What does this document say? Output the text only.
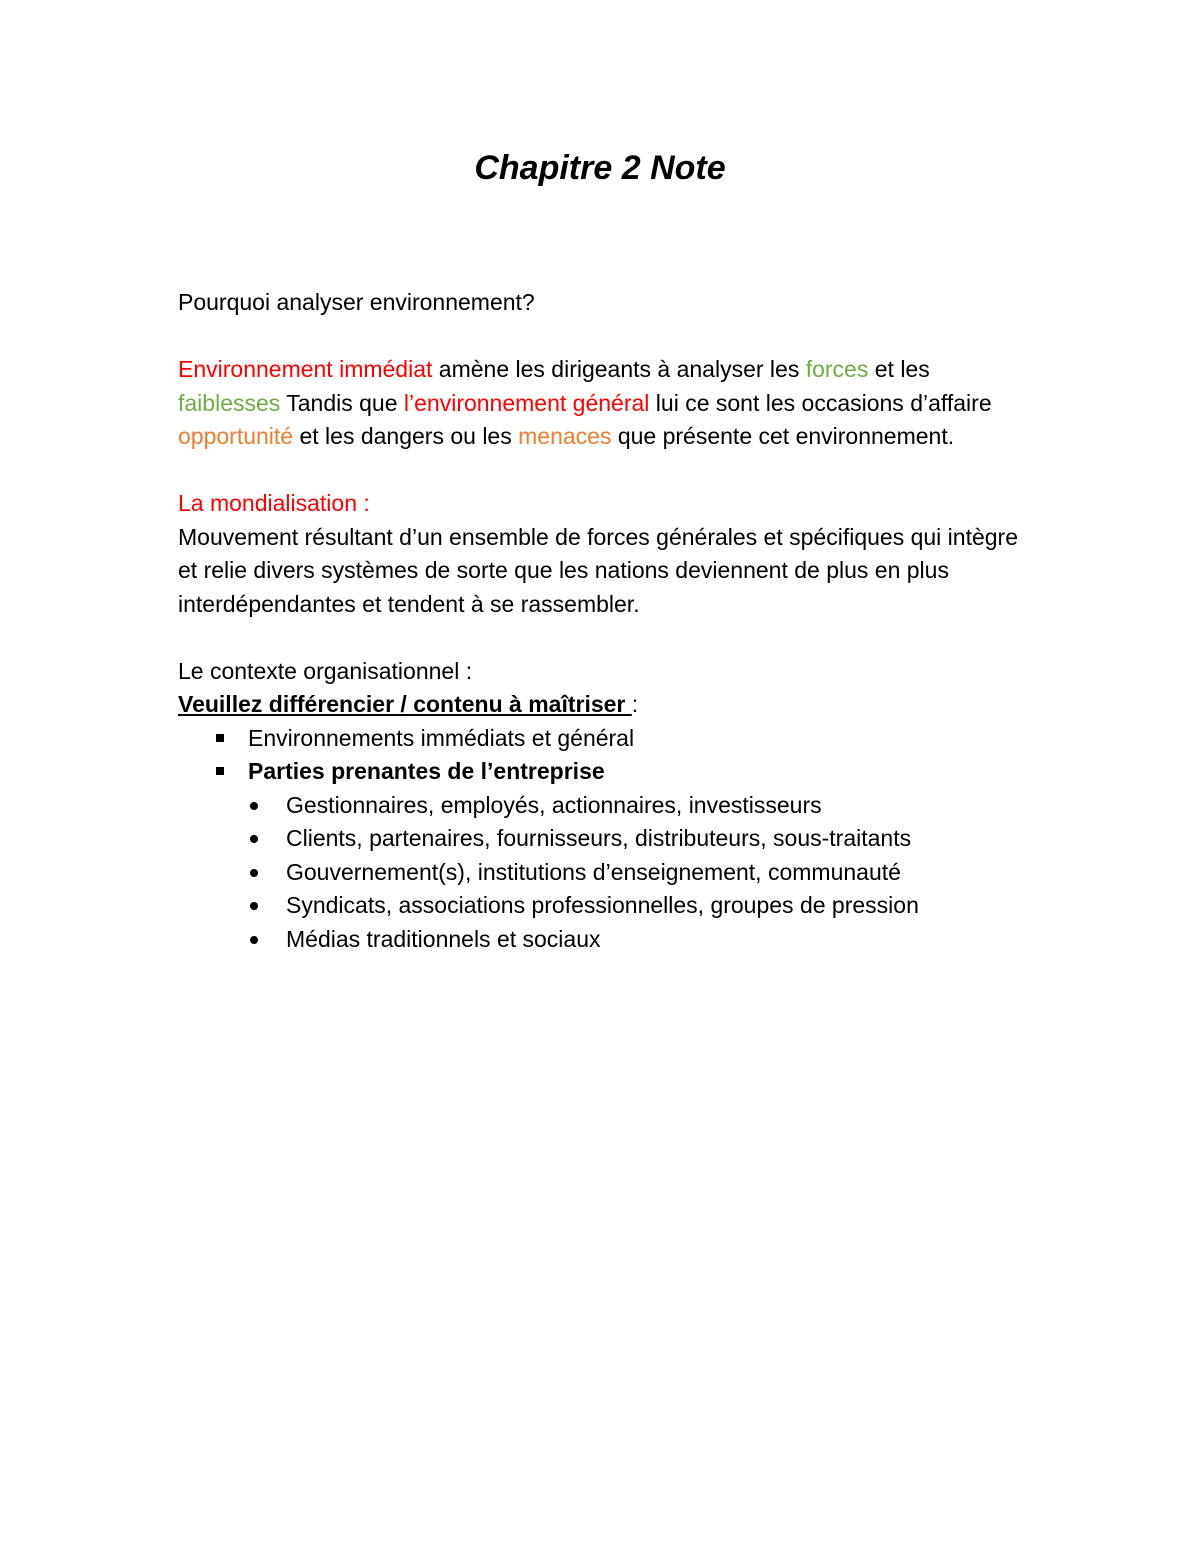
Chapitre 2 Note

Pourquoi analyser environnement?

Environnement immédiat amène les dirigeants à analyser les forces et les faiblesses Tandis que l’environnement général lui ce sont les occasions d’affaire opportunité et les dangers ou les menaces que présente cet environnement.

La mondialisation :

Mouvement résultant d’un ensemble de forces générales et spécifiques qui intègre et relie divers systèmes de sorte que les nations deviennent de plus en plus interdépendantes et tendent à se rassembler.

Le contexte organisationnel :

Veuillez différencier / contenu à maîtriser :

Environnements immédiats et général
Parties prenantes de l’entreprise
Gestionnaires, employés, actionnaires, investisseurs
Clients, partenaires, fournisseurs, distributeurs, sous-traitants
Gouvernement(s), institutions d’enseignement, communauté
Syndicats, associations professionnelles, groupes de pression
Médias traditionnels et sociaux
